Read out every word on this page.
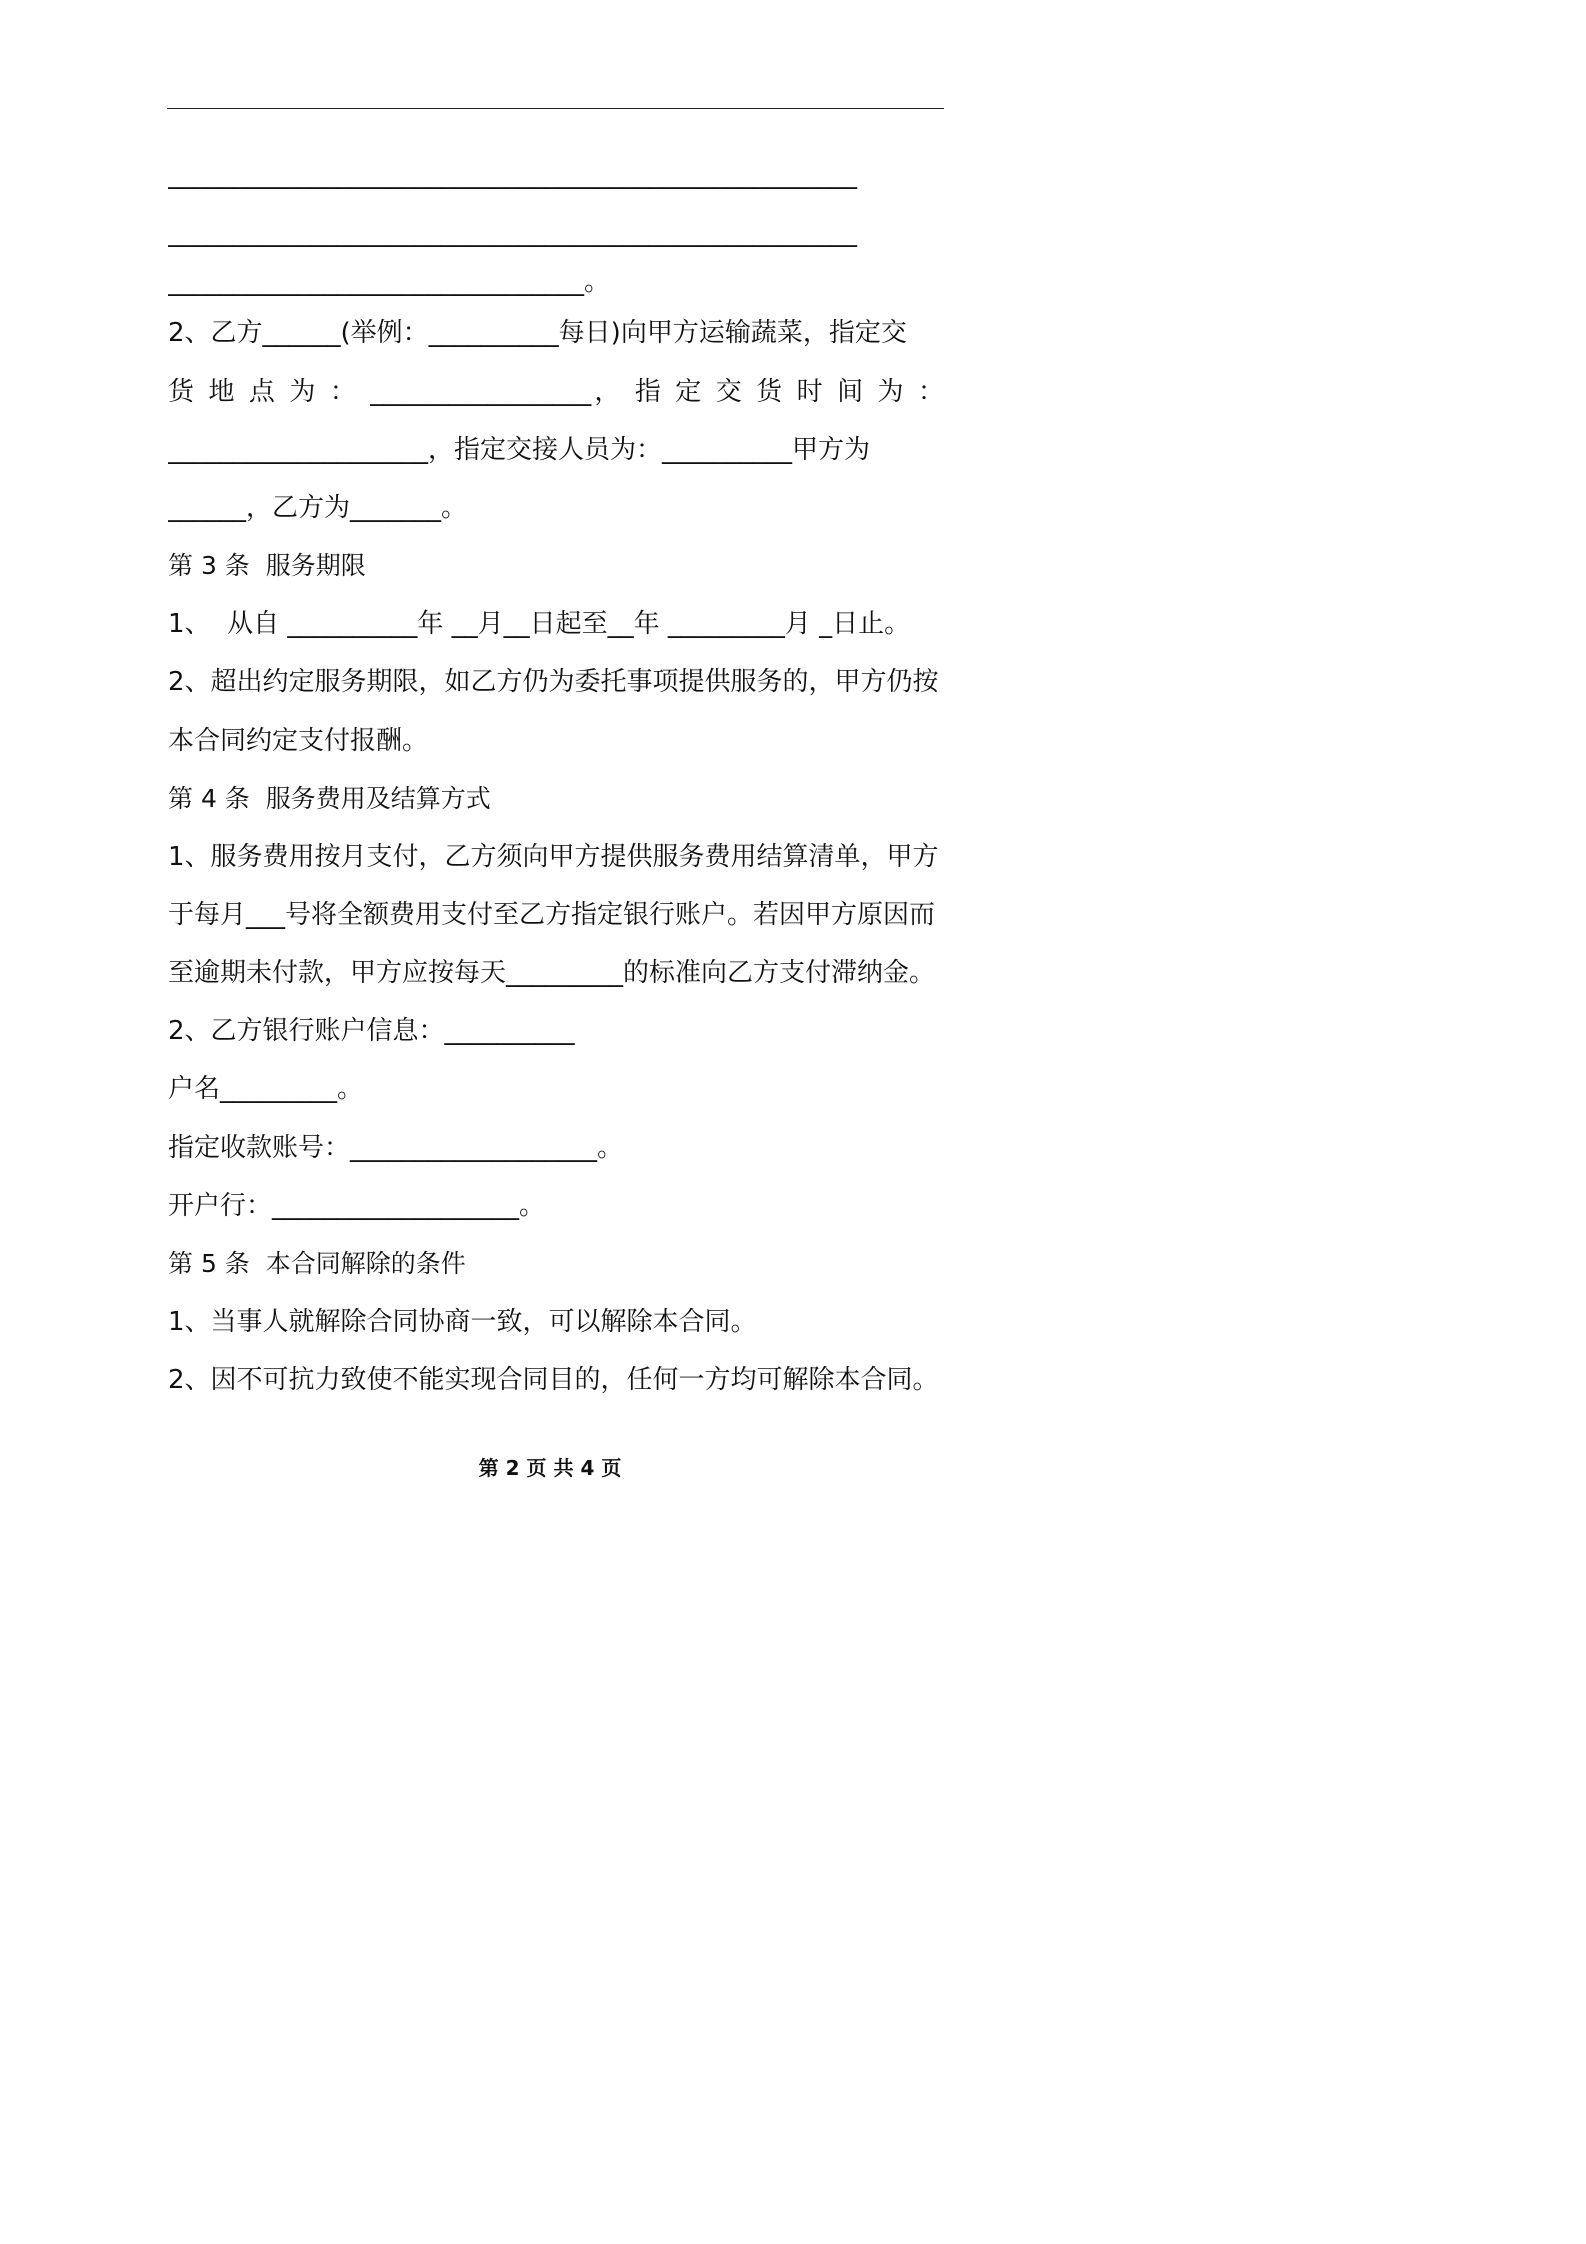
_____________________________________________________
_____________________________________________________
________________________________。
2、乙方______(举例：__________每日)向甲方运输蔬菜，指定交
货 地 点 为 ： _________________， 指 定 交 货 时 间 为 ：
____________________，指定交接人员为：__________甲方为
______，乙方为_______。
第 3 条  服务期限
1、  从自 __________年 __月__日起至__年 _________月 _日止。
2、超出约定服务期限，如乙方仍为委托事项提供服务的，甲方仍按
本合同约定支付报酬。
第 4 条  服务费用及结算方式
1、服务费用按月支付，乙方须向甲方提供服务费用结算清单，甲方
于每月___号将全额费用支付至乙方指定银行账户。若因甲方原因而
至逾期未付款，甲方应按每天_________的标准向乙方支付滞纳金。
2、乙方银行账户信息：__________
户名_________。
指定收款账号：___________________。
开户行：___________________。
第 5 条  本合同解除的条件
1、当事人就解除合同协商一致，可以解除本合同。
2、因不可抗力致使不能实现合同目的，任何一方均可解除本合同。
第 2 页 共 4 页
